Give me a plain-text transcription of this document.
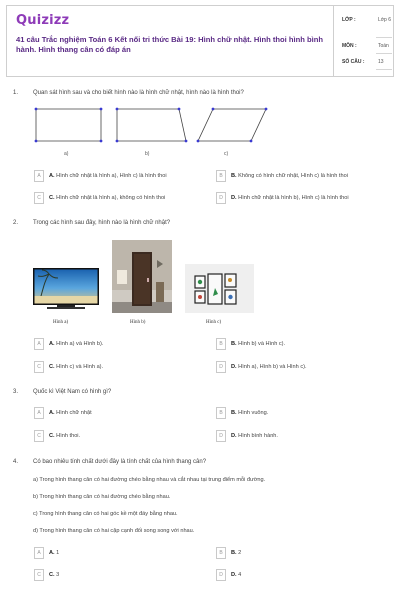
Quizizz
41 câu Trắc nghiệm Toán 6 Kết nối tri thức Bài 19: Hình chữ nhật. Hình thoi hình bình hành. Hình thang cân có đáp án
LỚP :	Lớp 6
MÔN :	Toán
SỐ CÂU :	13
1. Quan sát hình sau và cho biết hình nào là hình chữ nhật, hình nào là hình thoi?
a)	b)	c)
A	A. Hình chữ nhật là hình a), Hình c) là hình thoi	B	B. Không có hình chữ nhật, Hình c) là hình thoi
C	C. Hình chữ nhật là hình a), không có hình thoi	D	D. Hình chữ nhật là hình b), Hình c) là hình thoi
2. Trong các hình sau đây, hình nào là hình chữ nhật?
Hình a)	Hình b)	Hình c)
A	A. Hình a) và Hình b).	B	B. Hình b) và Hình c).
C	C. Hình c) và Hình a).	D	D. Hình a), Hình b) và Hình c).
3. Quốc kì Việt Nam có hình gì?
A	A. Hình chữ nhật	B	B. Hình vuông.
C	C. Hình thoi.	D	D. Hình bình hành.
4. Có bao nhiêu tính chất dưới đây là tính chất của hình thang cân?
a) Trong hình thang cân có hai đường chéo bằng nhau và cắt nhau tại trung điểm mỗi đường.
b) Trong hình thang cân có hai đường chéo bằng nhau.
c) Trong hình thang cân có hai góc kề một đáy bằng nhau.
d) Trong hình thang cân có hai cặp cạnh đối song song với nhau.
A	A. 1	B	B. 2
C	C. 3	D	D. 4
